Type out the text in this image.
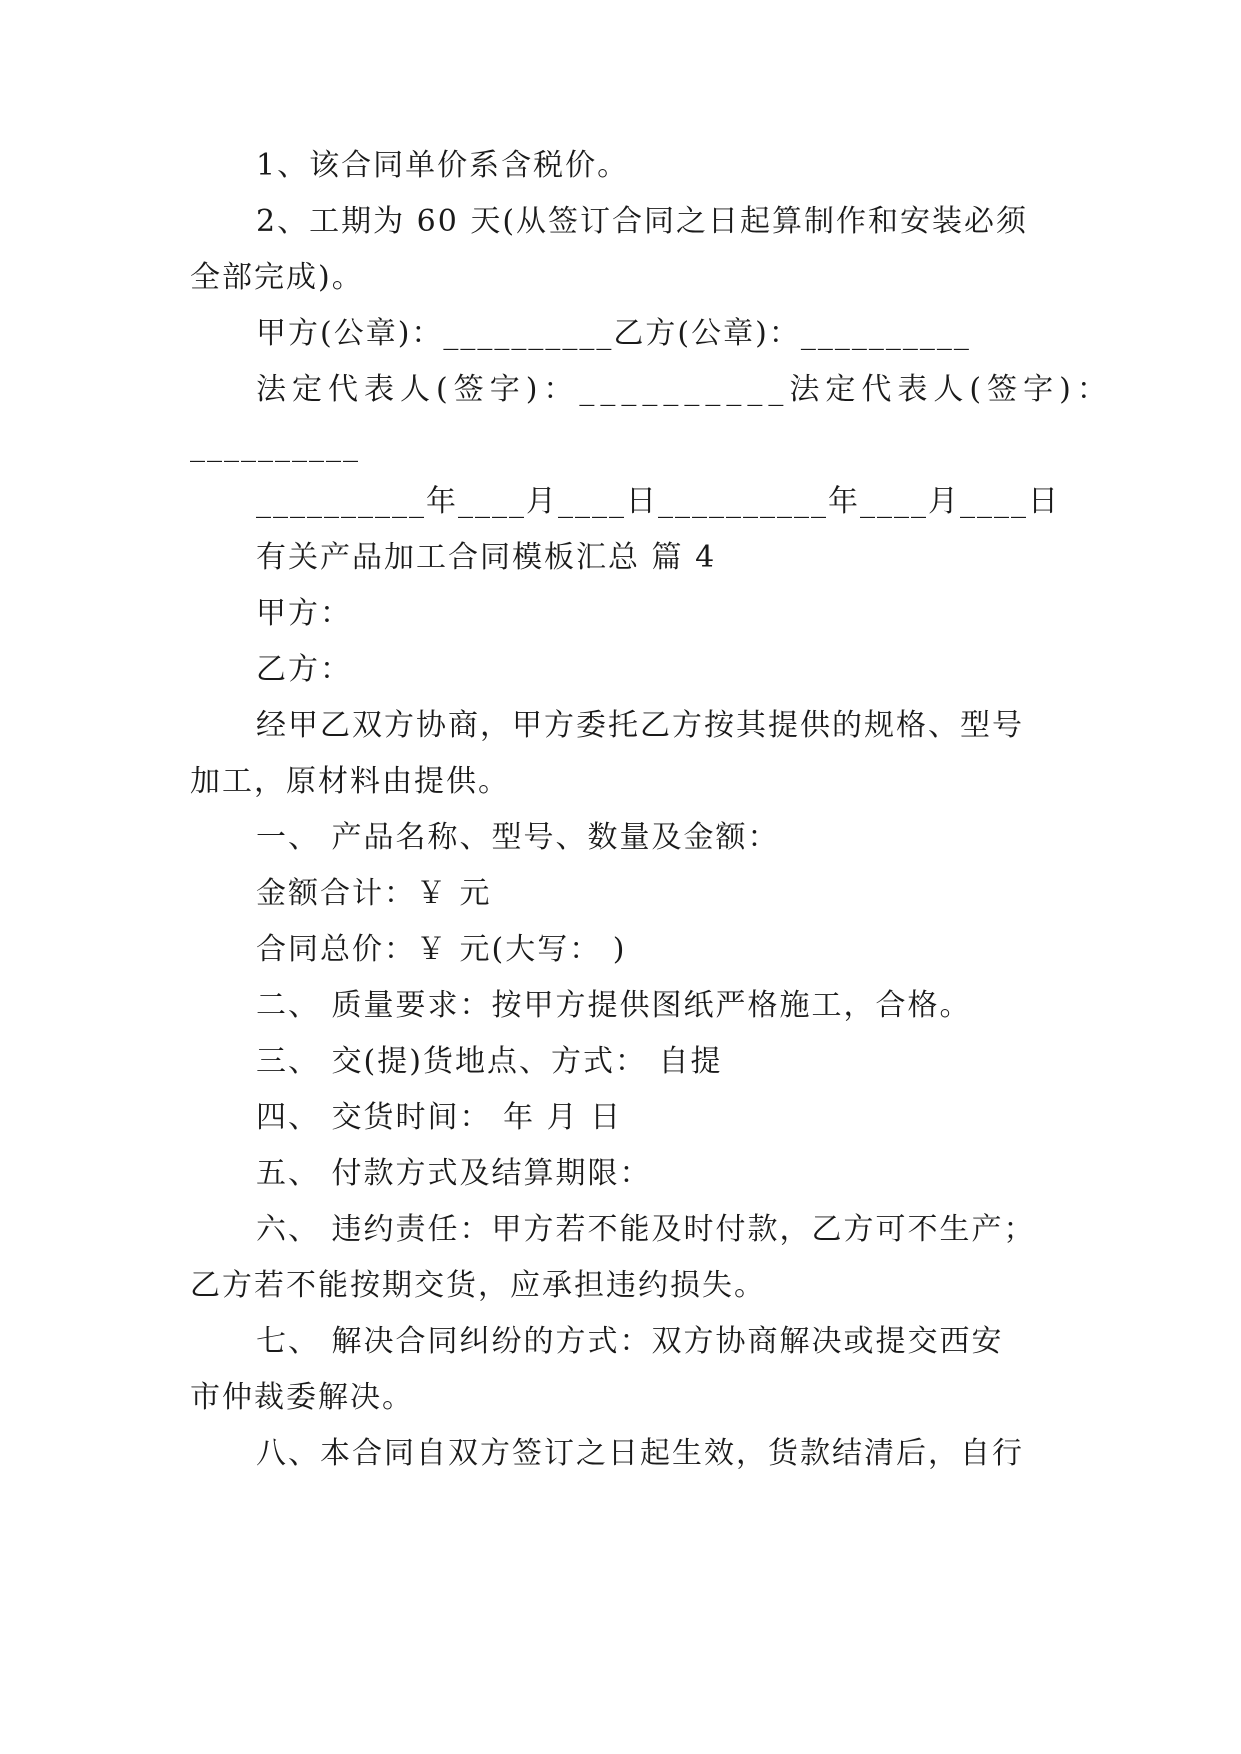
1、该合同单价系含税价。
2、工期为 60 天(从签订合同之日起算制作和安装必须
全部完成)。
甲方(公章)：__________乙方(公章)：__________
法定代表人(签字)：__________法定代表人(签字)：
__________
__________年____月____日__________年____月____日
有关产品加工合同模板汇总 篇 4
甲方：
乙方：
经甲乙双方协商，甲方委托乙方按其提供的规格、型号
加工，原材料由提供。
一、 产品名称、型号、数量及金额：
金额合计：￥ 元
合同总价：￥ 元(大写： )
二、 质量要求：按甲方提供图纸严格施工，合格。
三、 交(提)货地点、方式： 自提
四、 交货时间： 年 月 日
五、 付款方式及结算期限：
六、 违约责任：甲方若不能及时付款，乙方可不生产；
乙方若不能按期交货，应承担违约损失。
七、 解决合同纠纷的方式：双方协商解决或提交西安
市仲裁委解决。
八、本合同自双方签订之日起生效，货款结清后，自行
